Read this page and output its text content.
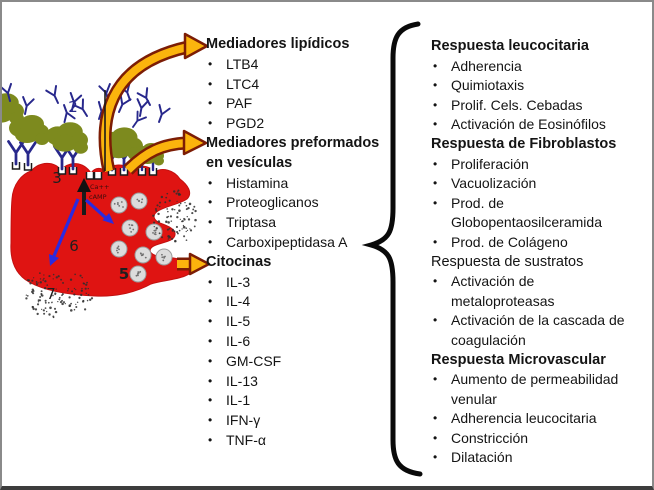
Ca++
cAMP
2
3
5
6
7
Mediadores lipídicos
• LTB4
• LTC4
• PAF
• PGD2
Mediadores preformados
en vesículas
• Histamina
• Proteoglicanos
• Triptasa
• Carboxipeptidasa A
Citocinas
• IL-3
• IL-4
• IL-5
• IL-6
• GM-CSF
• IL-13
• IL-1
• IFN-γ
• TNF-α
Respuesta leucocitaria
• Adherencia
• Quimiotaxis
• Prolif. Cels. Cebadas
• Activación de Eosinófilos
Respuesta de Fibroblastos
• Proliferación
• Vacuolización
• Prod. de Globopentaosilceramida
• Prod. de Colágeno
Respuesta de sustratos
• Activación de metaloproteasas
• Activación de la cascada de coagulación
Respuesta Microvascular
• Aumento de permeabilidad venular
• Adherencia leucocitaria
• Constricción
• Dilatación
